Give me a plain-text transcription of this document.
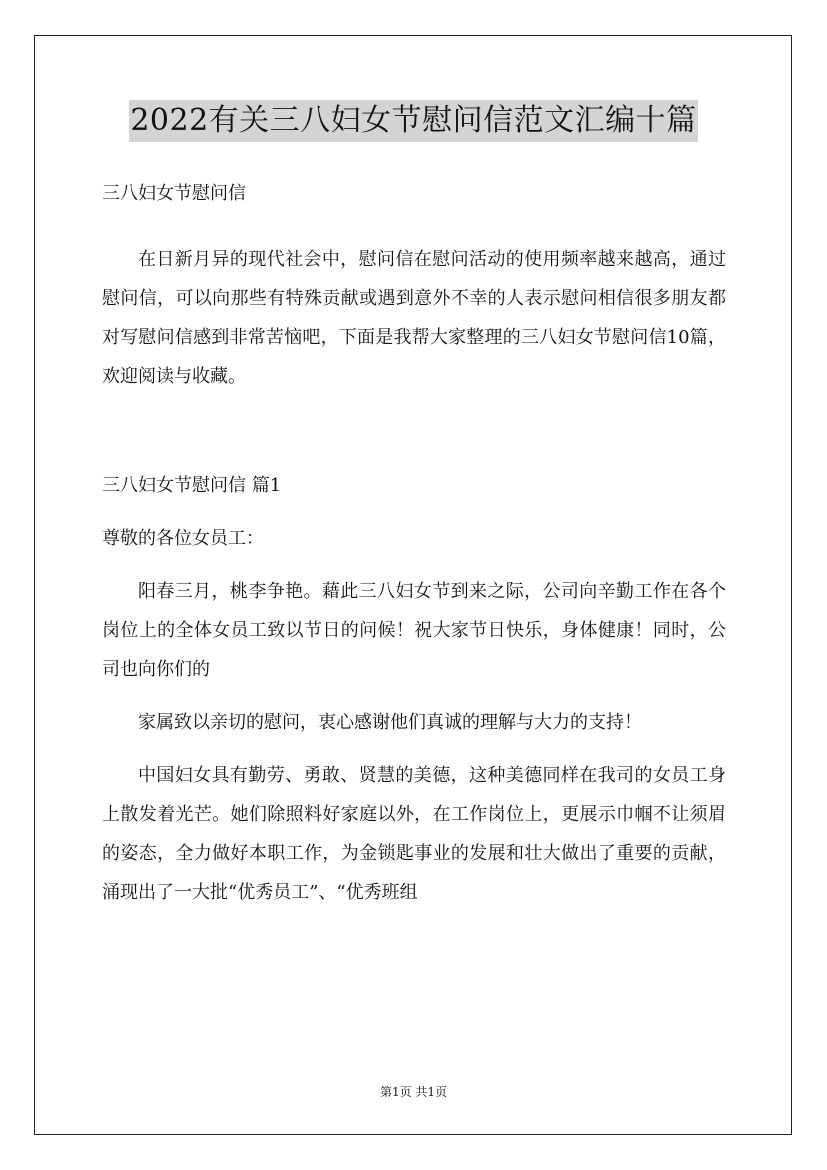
2022有关三八妇女节慰问信范文汇编十篇

三八妇女节慰问信

在日新月异的现代社会中，慰问信在慰问活动的使用频率越来越高，通过慰问信，可以向那些有特殊贡献或遇到意外不幸的人表示慰问相信很多朋友都对写慰问信感到非常苦恼吧，下面是我帮大家整理的三八妇女节慰问信10篇，欢迎阅读与收藏。

三八妇女节慰问信 篇1

尊敬的各位女员工：

阳春三月，桃李争艳。藉此三八妇女节到来之际，公司向辛勤工作在各个岗位上的全体女员工致以节日的问候！祝大家节日快乐，身体健康！同时，公司也向你们的

家属致以亲切的慰问，衷心感谢他们真诚的理解与大力的支持！

中国妇女具有勤劳、勇敢、贤慧的美德，这种美德同样在我司的女员工身上散发着光芒。她们除照料好家庭以外，在工作岗位上，更展示巾帼不让须眉的姿态，全力做好本职工作，为金锁匙事业的发展和壮大做出了重要的贡献，涌现出了一大批“优秀员工”、“优秀班组

第1页 共1页
